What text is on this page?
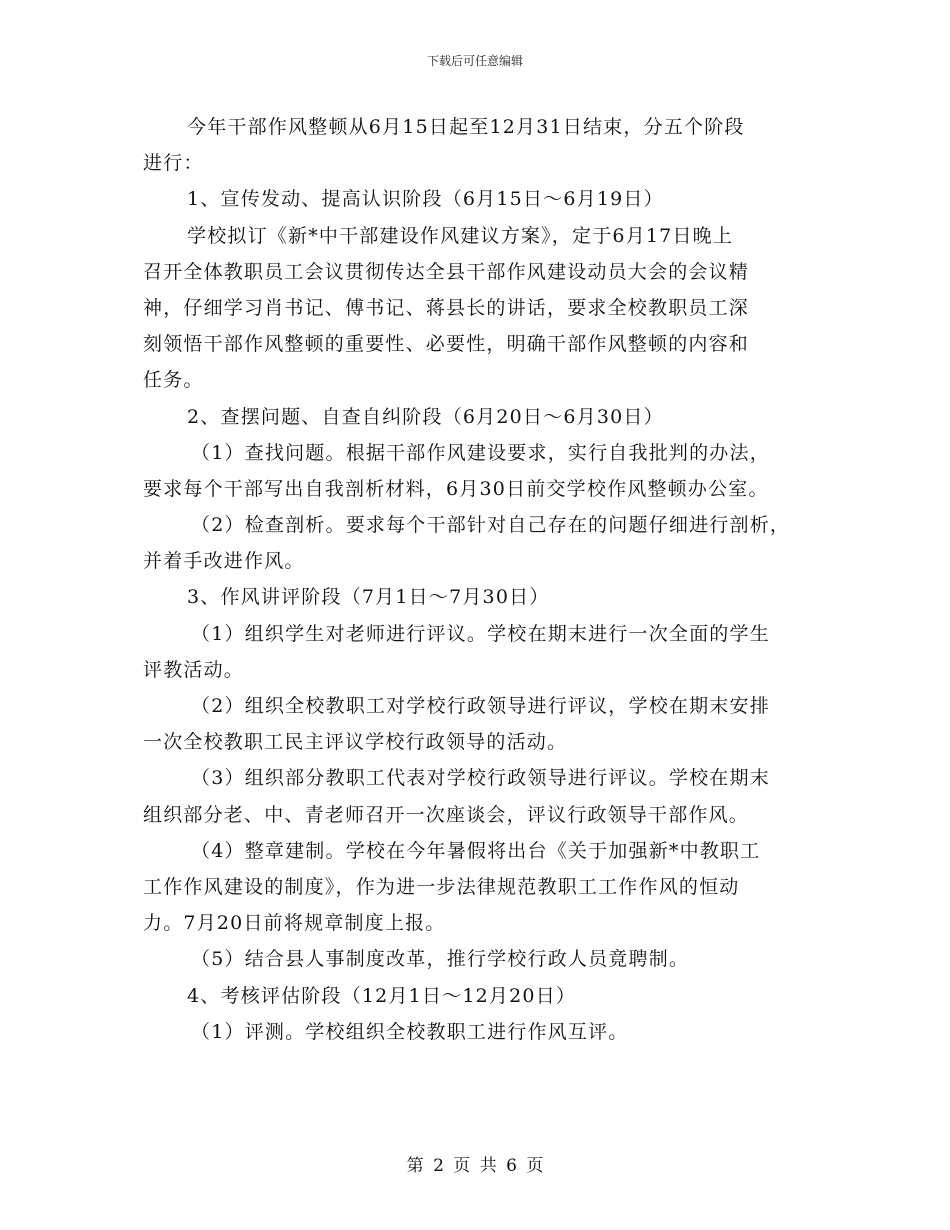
下载后可任意编辑
今年干部作风整顿从6月15日起至12月31日结束，分五个阶段
进行：
1、宣传发动、提高认识阶段（6月15日～6月19日）
学校拟订《新*中干部建设作风建议方案》，定于6月17日晚上
召开全体教职员工会议贯彻传达全县干部作风建设动员大会的会议精
神，仔细学习肖书记、傅书记、蒋县长的讲话，要求全校教职员工深
刻领悟干部作风整顿的重要性、必要性，明确干部作风整顿的内容和
任务。
2、查摆问题、自查自纠阶段（6月20日～6月30日）
（1）查找问题。根据干部作风建设要求，实行自我批判的办法，
要求每个干部写出自我剖析材料，6月30日前交学校作风整顿办公室。
（2）检查剖析。要求每个干部针对自己存在的问题仔细进行剖析，
并着手改进作风。
3、作风讲评阶段（7月1日～7月30日）
（1）组织学生对老师进行评议。学校在期末进行一次全面的学生
评教活动。
（2）组织全校教职工对学校行政领导进行评议，学校在期末安排
一次全校教职工民主评议学校行政领导的活动。
（3）组织部分教职工代表对学校行政领导进行评议。学校在期末
组织部分老、中、青老师召开一次座谈会，评议行政领导干部作风。
（4）整章建制。学校在今年暑假将出台《关于加强新*中教职工
工作作风建设的制度》，作为进一步法律规范教职工工作作风的恒动
力。7月20日前将规章制度上报。
（5）结合县人事制度改革，推行学校行政人员竟聘制。
4、考核评估阶段（12月1日～12月20日）
（1）评测。学校组织全校教职工进行作风互评。
第 2 页 共 6 页
